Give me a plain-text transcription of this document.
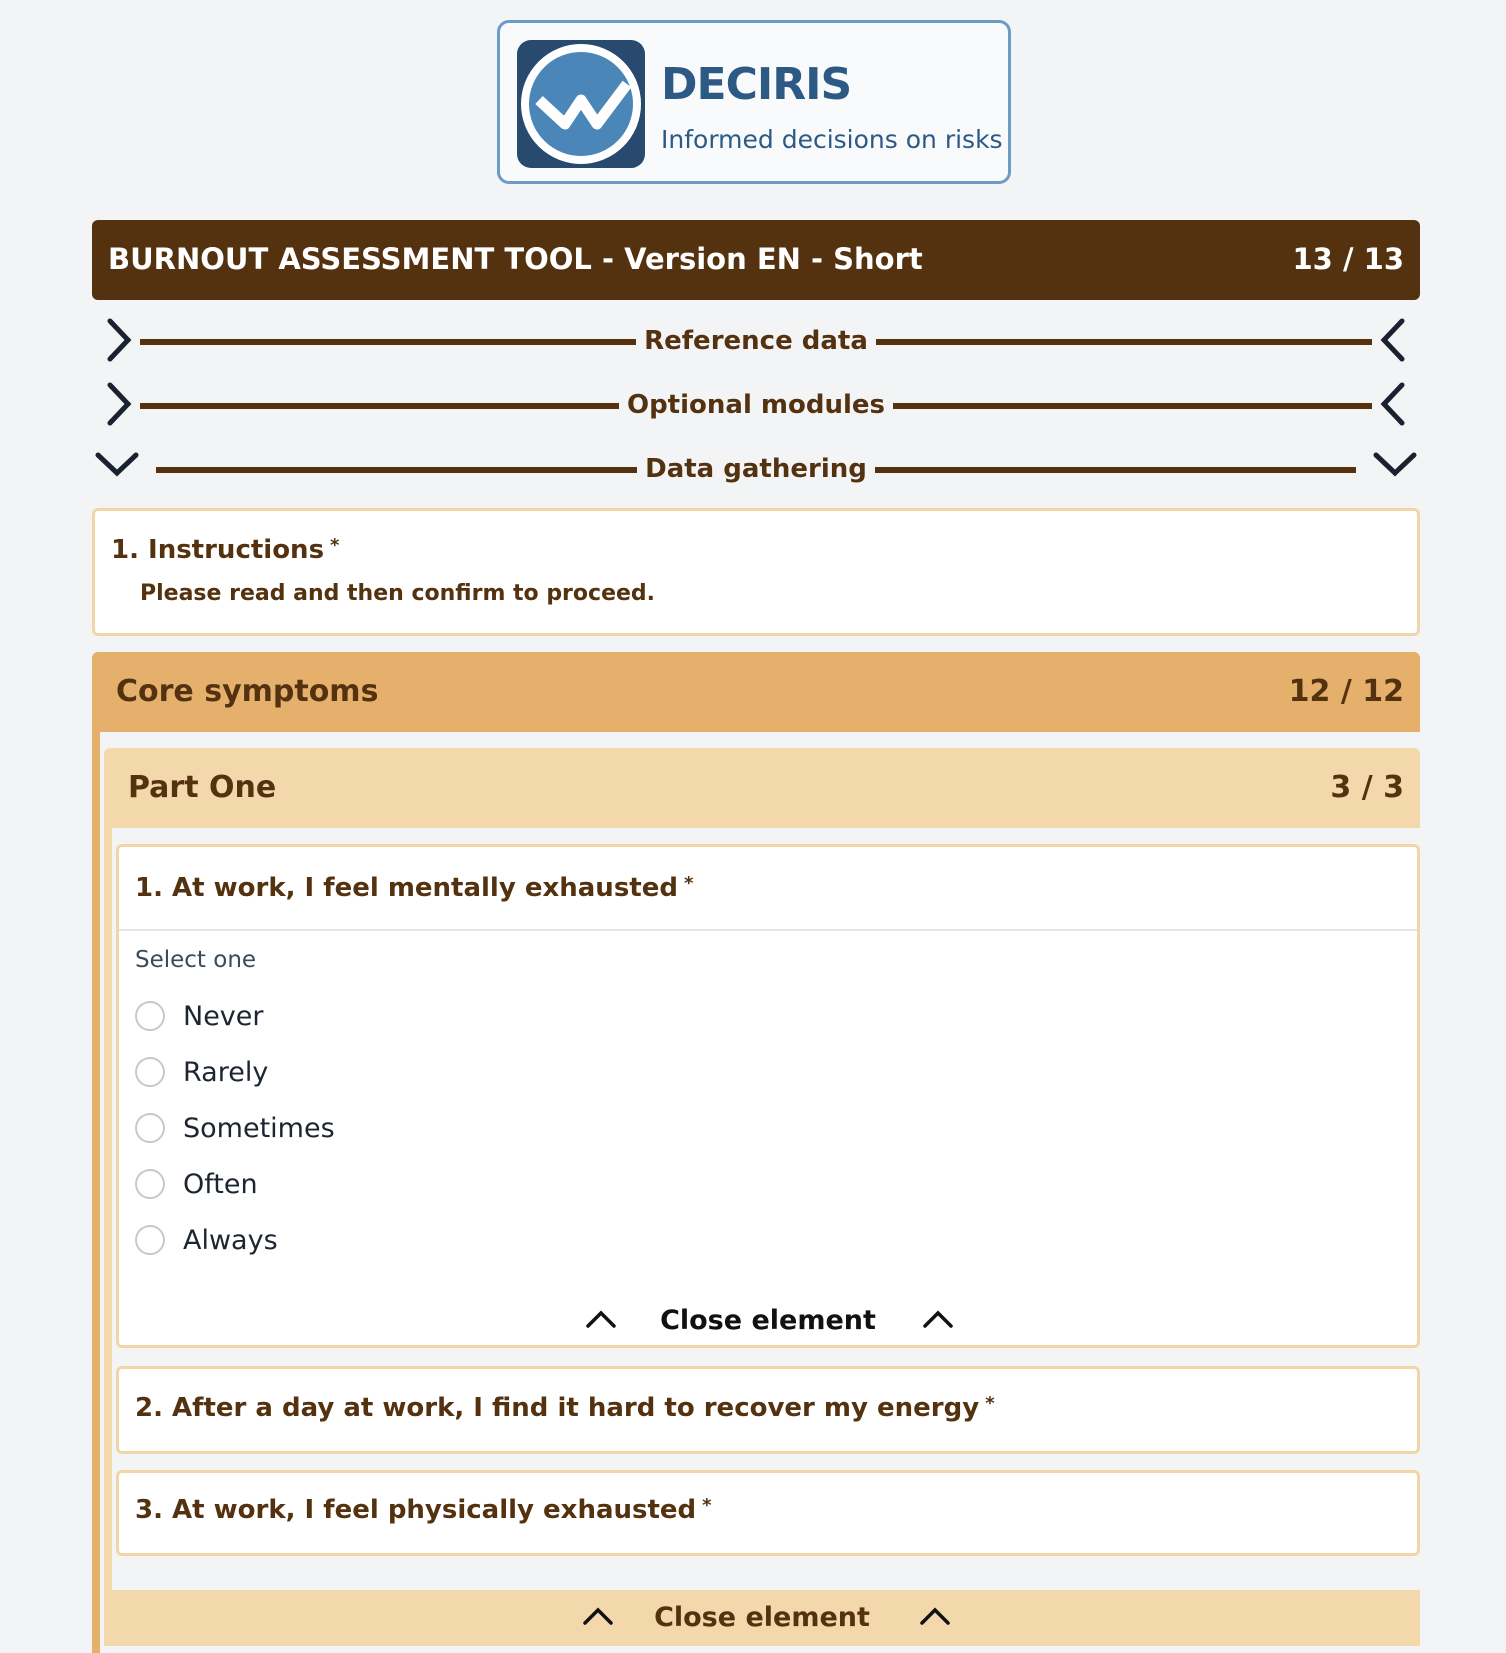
DECIRIS
Informed decisions on risks
BURNOUT ASSESSMENT TOOL - Version EN - Short	13 / 13
Reference data
Optional modules
Data gathering
1. Instructions *
Please read and then confirm to proceed.
Core symptoms	12 / 12
Part One	3 / 3
1. At work, I feel mentally exhausted *
Select one
Never
Rarely
Sometimes
Often
Always
Close element
2. After a day at work, I find it hard to recover my energy *
3. At work, I feel physically exhausted *
Close element
